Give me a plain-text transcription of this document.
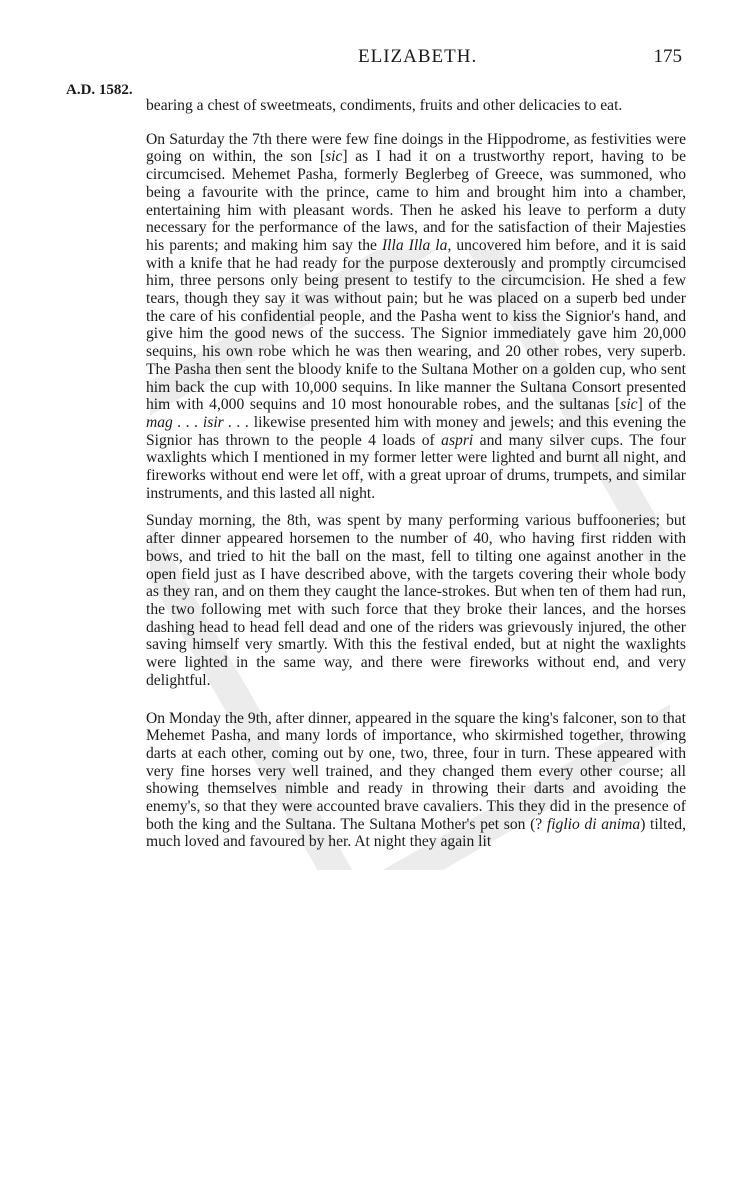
ELIZABETH.	175
A.D. 1582.

bearing a chest of sweetmeats, condiments, fruits and other delicacies to eat.

On Saturday the 7th there were few fine doings in the Hippodrome, as festivities were going on within, the son [sic] as I had it on a trustworthy report, having to be circumcised. Mehemet Pasha, formerly Beglerbeg of Greece, was summoned, who being a favourite with the prince, came to him and brought him into a chamber, entertaining him with pleasant words. Then he asked his leave to perform a duty necessary for the performance of the laws, and for the satisfaction of their Majesties his parents; and making him say the Illa Illa la, uncovered him before, and it is said with a knife that he had ready for the purpose dexterously and promptly circumcised him, three persons only being present to testify to the circumcision. He shed a few tears, though they say it was without pain; but he was placed on a superb bed under the care of his confidential people, and the Pasha went to kiss the Signior's hand, and give him the good news of the success. The Signior immediately gave him 20,000 sequins, his own robe which he was then wearing, and 20 other robes, very superb. The Pasha then sent the bloody knife to the Sultana Mother on a golden cup, who sent him back the cup with 10,000 sequins. In like manner the Sultana Consort presented him with 4,000 sequins and 10 most honourable robes, and the sultanas [sic] of the mag . . . isir . . . likewise presented him with money and jewels; and this evening the Signior has thrown to the people 4 loads of aspri and many silver cups. The four waxlights which I mentioned in my former letter were lighted and burnt all night, and fireworks without end were let off, with a great uproar of drums, trumpets, and similar instruments, and this lasted all night.

Sunday morning, the 8th, was spent by many performing various buffooneries; but after dinner appeared horsemen to the number of 40, who having first ridden with bows, and tried to hit the ball on the mast, fell to tilting one against another in the open field just as I have described above, with the targets covering their whole body as they ran, and on them they caught the lance-strokes. But when ten of them had run, the two following met with such force that they broke their lances, and the horses dashing head to head fell dead and one of the riders was grievously injured, the other saving himself very smartly. With this the festival ended, but at night the waxlights were lighted in the same way, and there were fireworks without end, and very delightful.

On Monday the 9th, after dinner, appeared in the square the king's falconer, son to that Mehemet Pasha, and many lords of importance, who skirmished together, throwing darts at each other, coming out by one, two, three, four in turn. These appeared with very fine horses very well trained, and they changed them every other course; all showing themselves nimble and ready in throwing their darts and avoiding the enemy's, so that they were accounted brave cavaliers. This they did in the presence of both the king and the Sultana. The Sultana Mother's pet son (? figlio di anima) tilted, much loved and favoured by her. At night they again lit
